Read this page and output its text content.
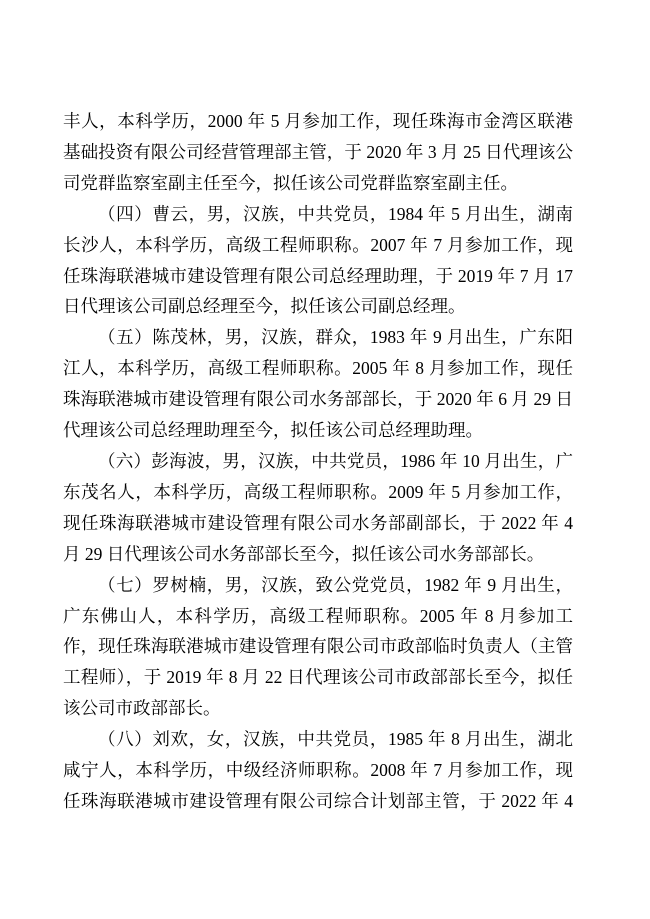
丰人，本科学历，2000 年 5 月参加工作，现任珠海市金湾区联港基础投资有限公司经营管理部主管，于 2020 年 3 月 25 日代理该公司党群监察室副主任至今，拟任该公司党群监察室副主任。

（四）曹云，男，汉族，中共党员，1984 年 5 月出生，湖南长沙人，本科学历，高级工程师职称。2007 年 7 月参加工作，现任珠海联港城市建设管理有限公司总经理助理，于 2019 年 7 月 17 日代理该公司副总经理至今，拟任该公司副总经理。

（五）陈茂林，男，汉族，群众，1983 年 9 月出生，广东阳江人，本科学历，高级工程师职称。2005 年 8 月参加工作，现任珠海联港城市建设管理有限公司水务部部长，于 2020 年 6 月 29 日代理该公司总经理助理至今，拟任该公司总经理助理。

（六）彭海波，男，汉族，中共党员，1986 年 10 月出生，广东茂名人，本科学历，高级工程师职称。2009 年 5 月参加工作，现任珠海联港城市建设管理有限公司水务部副部长，于 2022 年 4 月 29 日代理该公司水务部部长至今，拟任该公司水务部部长。

（七）罗树楠，男，汉族，致公党党员，1982 年 9 月出生，广东佛山人，本科学历，高级工程师职称。2005 年 8 月参加工作，现任珠海联港城市建设管理有限公司市政部临时负责人（主管工程师），于 2019 年 8 月 22 日代理该公司市政部部长至今，拟任该公司市政部部长。

（八）刘欢，女，汉族，中共党员，1985 年 8 月出生，湖北咸宁人，本科学历，中级经济师职称。2008 年 7 月参加工作，现任珠海联港城市建设管理有限公司综合计划部主管，于 2022 年 4
